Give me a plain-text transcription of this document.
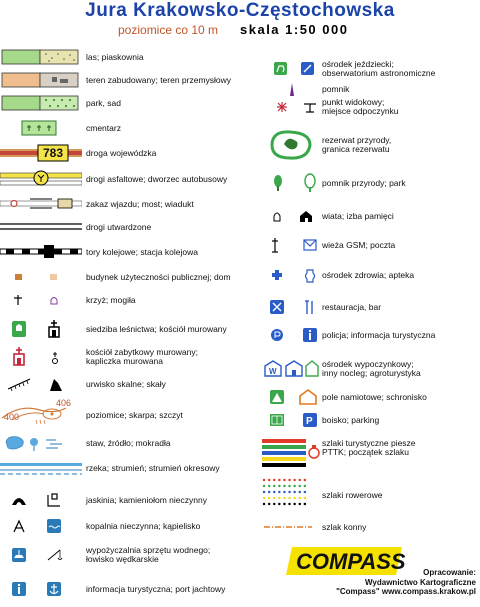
Jura Krakowsko-Częstochowska
poziomice co 10 m	skala 1:50 000
las; piaskownia
teren zabudowany; teren przemysłowy
park, sad
cmentarz
783	droga wojewódzka
drogi asfaltowe; dworzec autobusowy
zakaz wjazdu; most; wiadukt
drogi utwardzone
tory kolejowe; stacja kolejowa
budynek użyteczności publicznej; dom
krzyż; mogiła
siedziba leśnictwa; kościół murowany
kościół zabytkowy murowany;
kapliczka murowana
urwisko skalne; skały
400
406
poziomice; skarpa; szczyt
staw, źródło; mokradła
rzeka; strumień; strumień okresowy
jaskinia; kamieniołom nieczynny
kopalnia nieczynna; kąpielisko
wypożyczalnia sprzętu wodnego;
łowisko wędkarskie
informacja turystyczna; port jachtowy
ośrodek jeździecki;
obserwatorium astronomiczne
pomnik
punkt widokowy;
miejsce odpoczynku
rezerwat przyrody,
granica rezerwatu
pomnik przyrody; park
wiata; izba pamięci
wieża GSM; poczta
ośrodek zdrowia; apteka
restauracja, bar
policja; informacja turystyczna
W
ośrodek wypoczynkowy;
inny nocleg; agroturystyka
pole namiotowe; schronisko
P boisko; parking
szlaki turystyczne piesze
PTTK; początek szlaku
szlaki rowerowe
szlak konny
COMPASS	Opracowanie:
Wydawnictwo Kartograficzne
"Compass" www.compass.krakow.pl
